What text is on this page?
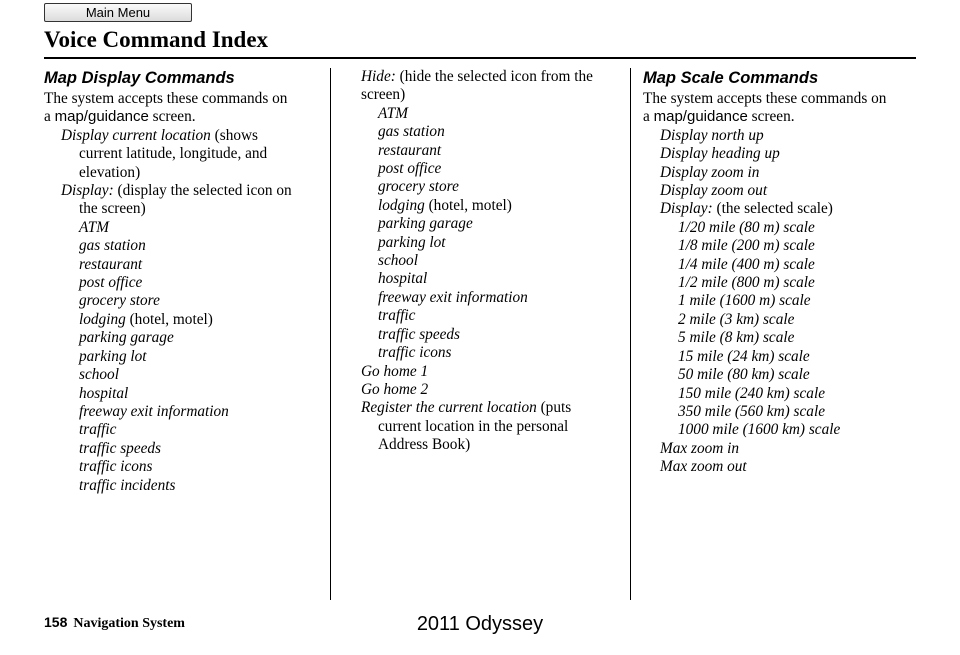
Main Menu
Voice Command Index
Map Display Commands

The system accepts these commands on

a map/guidance screen.

Display current location (shows

current latitude, longitude, and

elevation)

Display: (display the selected icon on

the screen)

ATM

gas station

restaurant

post office

grocery store

lodging (hotel, motel)

parking garage

parking lot

school

hospital

freeway exit information

traffic

traffic speeds

traffic icons

traffic incidents

Hide: (hide the selected icon from the

screen)

ATM

gas station

restaurant

post office

grocery store

lodging (hotel, motel)

parking garage

parking lot

school

hospital

freeway exit information

traffic

traffic speeds

traffic icons

Go home 1

Go home 2

Register the current location (puts

current location in the personal

Address Book)

Map Scale Commands

The system accepts these commands on

a map/guidance screen.

Display north up

Display heading up

Display zoom in

Display zoom out

Display: (the selected scale)

1/20 mile (80 m) scale

1/8 mile (200 m) scale

1/4 mile (400 m) scale

1/2 mile (800 m) scale

1 mile (1600 m) scale

2 mile (3 km) scale

5 mile (8 km) scale

15 mile (24 km) scale

50 mile (80 km) scale

150 mile (240 km) scale

350 mile (560 km) scale

1000 mile (1600 km) scale

Max zoom in

Max zoom out

158 Navigation System	2011 Odyssey
